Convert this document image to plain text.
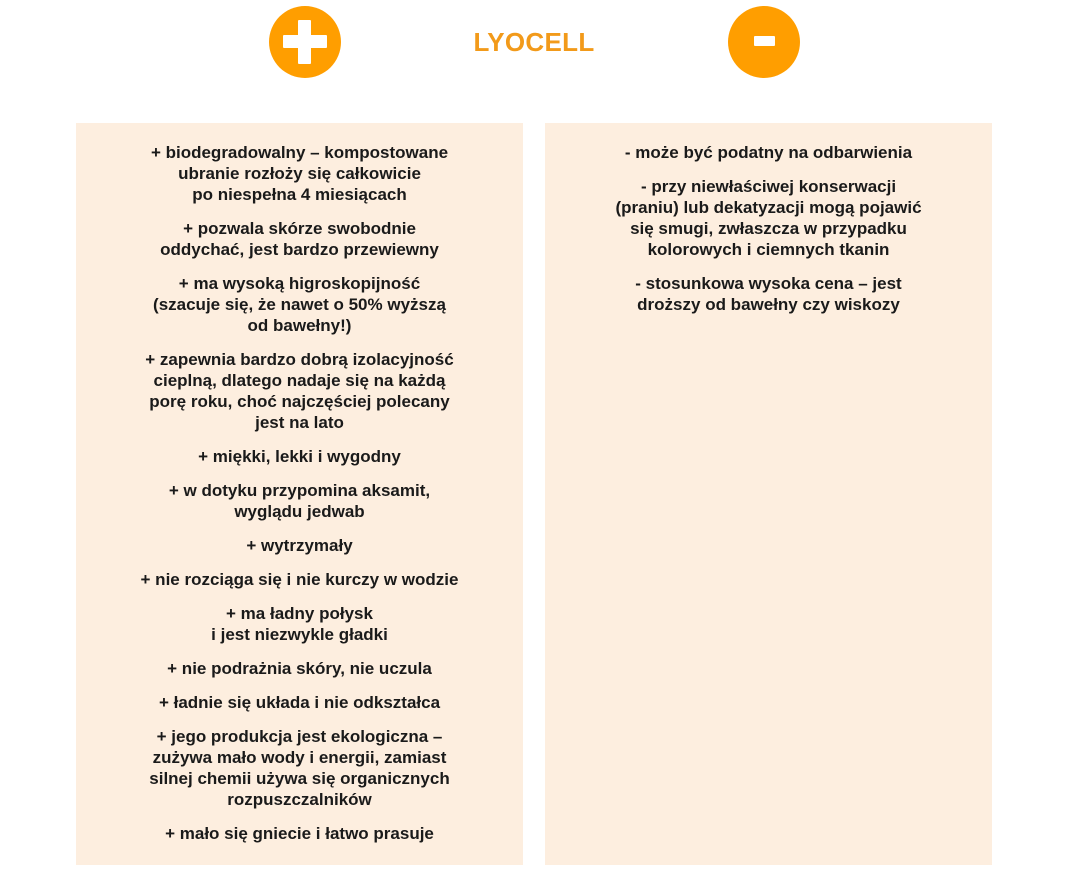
LYOCELL
+ biodegradowalny – kompostowane
ubranie rozłoży się całkowicie
po niespełna 4 miesiącach
+ pozwala skórze swobodnie
oddychać, jest bardzo przewiewny
+ ma wysoką higroskopijność
(szacuje się, że nawet o 50% wyższą
od bawełny!)
+ zapewnia bardzo dobrą izolacyjność
cieplną, dlatego nadaje się na każdą
porę roku, choć najczęściej polecany
jest na lato
+ miękki, lekki i wygodny
+ w dotyku przypomina aksamit,
wyglądu jedwab
+ wytrzymały
+ nie rozciąga się i nie kurczy w wodzie
+ ma ładny połysk
i jest niezwykle gładki
+ nie podrażnia skóry, nie uczula
+ ładnie się układa i nie odkształca
+ jego produkcja jest ekologiczna –
zużywa mało wody i energii, zamiast
silnej chemii używa się organicznych
rozpuszczalników
+ mało się gniecie i łatwo prasuje
- może być podatny na odbarwienia
- przy niewłaściwej konserwacji
(praniu) lub dekatyzacji mogą pojawić
się smugi, zwłaszcza w przypadku
kolorowych i ciemnych tkanin
- stosunkowa wysoka cena – jest
droższy od bawełny czy wiskozy
